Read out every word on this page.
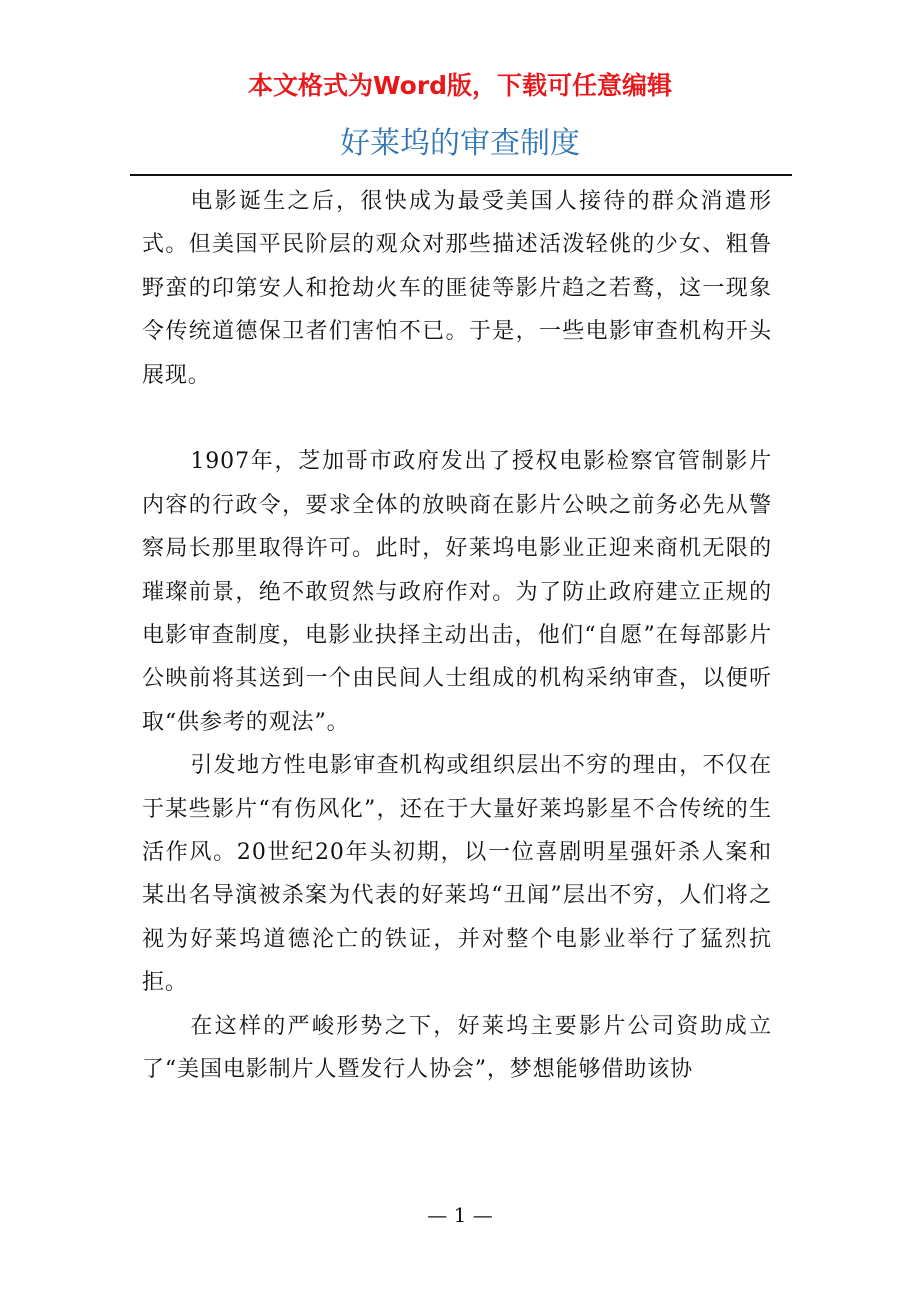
本文格式为Word版，下载可任意编辑
好莱坞的审查制度

电影诞生之后，很快成为最受美国人接待的群众消遣形式。但美国平民阶层的观众对那些描述活泼轻佻的少女、粗鲁野蛮的印第安人和抢劫火车的匪徒等影片趋之若鹜，这一现象令传统道德保卫者们害怕不已。于是，一些电影审查机构开头展现。

1907年，芝加哥市政府发出了授权电影检察官管制影片内容的行政令，要求全体的放映商在影片公映之前务必先从警察局长那里取得许可。此时，好莱坞电影业正迎来商机无限的璀璨前景，绝不敢贸然与政府作对。为了防止政府建立正规的电影审查制度，电影业抉择主动出击，他们“自愿”在每部影片公映前将其送到一个由民间人士组成的机构采纳审查，以便听取“供参考的观法”。

引发地方性电影审查机构或组织层出不穷的理由，不仅在于某些影片“有伤风化”，还在于大量好莱坞影星不合传统的生活作风。20世纪20年头初期，以一位喜剧明星强奸杀人案和某出名导演被杀案为代表的好莱坞“丑闻”层出不穷，人们将之视为好莱坞道德沦亡的铁证，并对整个电影业举行了猛烈抗拒。

在这样的严峻形势之下，好莱坞主要影片公司资助成立了“美国电影制片人暨发行人协会”，梦想能够借助该协

— 1 —
